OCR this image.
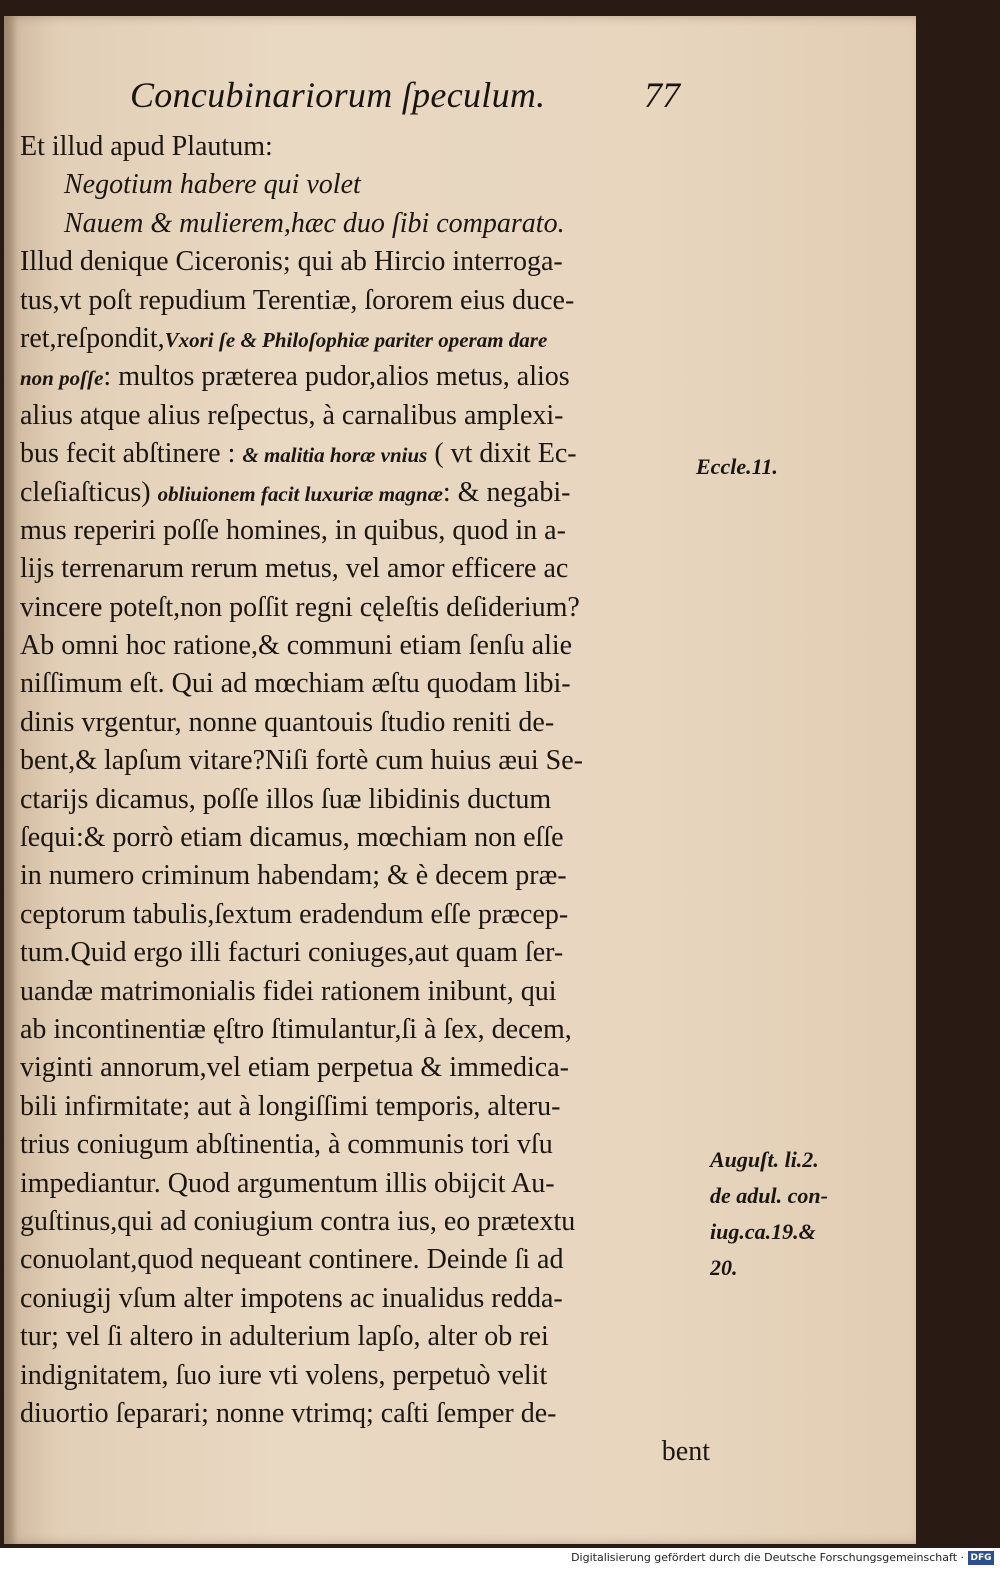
Concubinariorum ſpeculum.	77
Et illud apud Plautum:
Negotium habere qui volet
Nauem & mulierem,hæc duo ſibi comparato.
Illud denique Ciceronis; qui ab Hircio interroga-
tus,vt poſt repudium Terentiæ, ſororem eius duce-
ret,reſpondit,Vxori ſe & Philoſophiæ pariter operam dare
non poſſe: multos præterea pudor,alios metus, alios
alius atque alius reſpectus, à carnalibus amplexi-
bus fecit abſtinere : & malitia horæ vnius ( vt dixit Ec-
cleſiaſticus) obliuionem facit luxuriæ magnæ: & negabi-
mus reperiri poſſe homines, in quibus, quod in a-
lijs terrenarum rerum metus, vel amor efficere ac
vincere poteſt,non poſſit regni cęleſtis deſiderium?
Ab omni hoc ratione,& communi etiam ſenſu alie
niſſimum eſt. Qui ad mœchiam æſtu quodam libi-
dinis vrgentur, nonne quantouis ſtudio reniti de-
bent,& lapſum vitare?Niſi fortè cum huius æui Se-
ctarijs dicamus, poſſe illos ſuæ libidinis ductum
ſequi:& porrò etiam dicamus, mœchiam non eſſe
in numero criminum habendam; & è decem præ-
ceptorum tabulis,ſextum eradendum eſſe præcep-
tum.Quid ergo illi facturi coniuges,aut quam ſer-
uandæ matrimonialis fidei rationem inibunt, qui
ab incontinentiæ ęſtro ſtimulantur,ſi à ſex, decem,
viginti annorum,vel etiam perpetua & immedica-
bili infirmitate; aut à longiſſimi temporis, alteru-
trius coniugum abſtinentia, à communis tori vſu
impediantur. Quod argumentum illis obijcit Au-
guſtinus,qui ad coniugium contra ius, eo prætextu
conuolant,quod nequeant continere. Deinde ſi ad
coniugij vſum alter impotens ac inualidus redda-
tur; vel ſi altero in adulterium lapſo, alter ob rei
indignitatem, ſuo iure vti volens, perpetuò velit
diuortio ſeparari; nonne vtrimq; caſti ſemper de-
bent
Eccle.11.
Auguſt. li.2.
de adul. con-
iug.ca.19.&
20.
Digitalisierung gefördert durch die Deutsche Forschungsgemeinschaft · DFG
